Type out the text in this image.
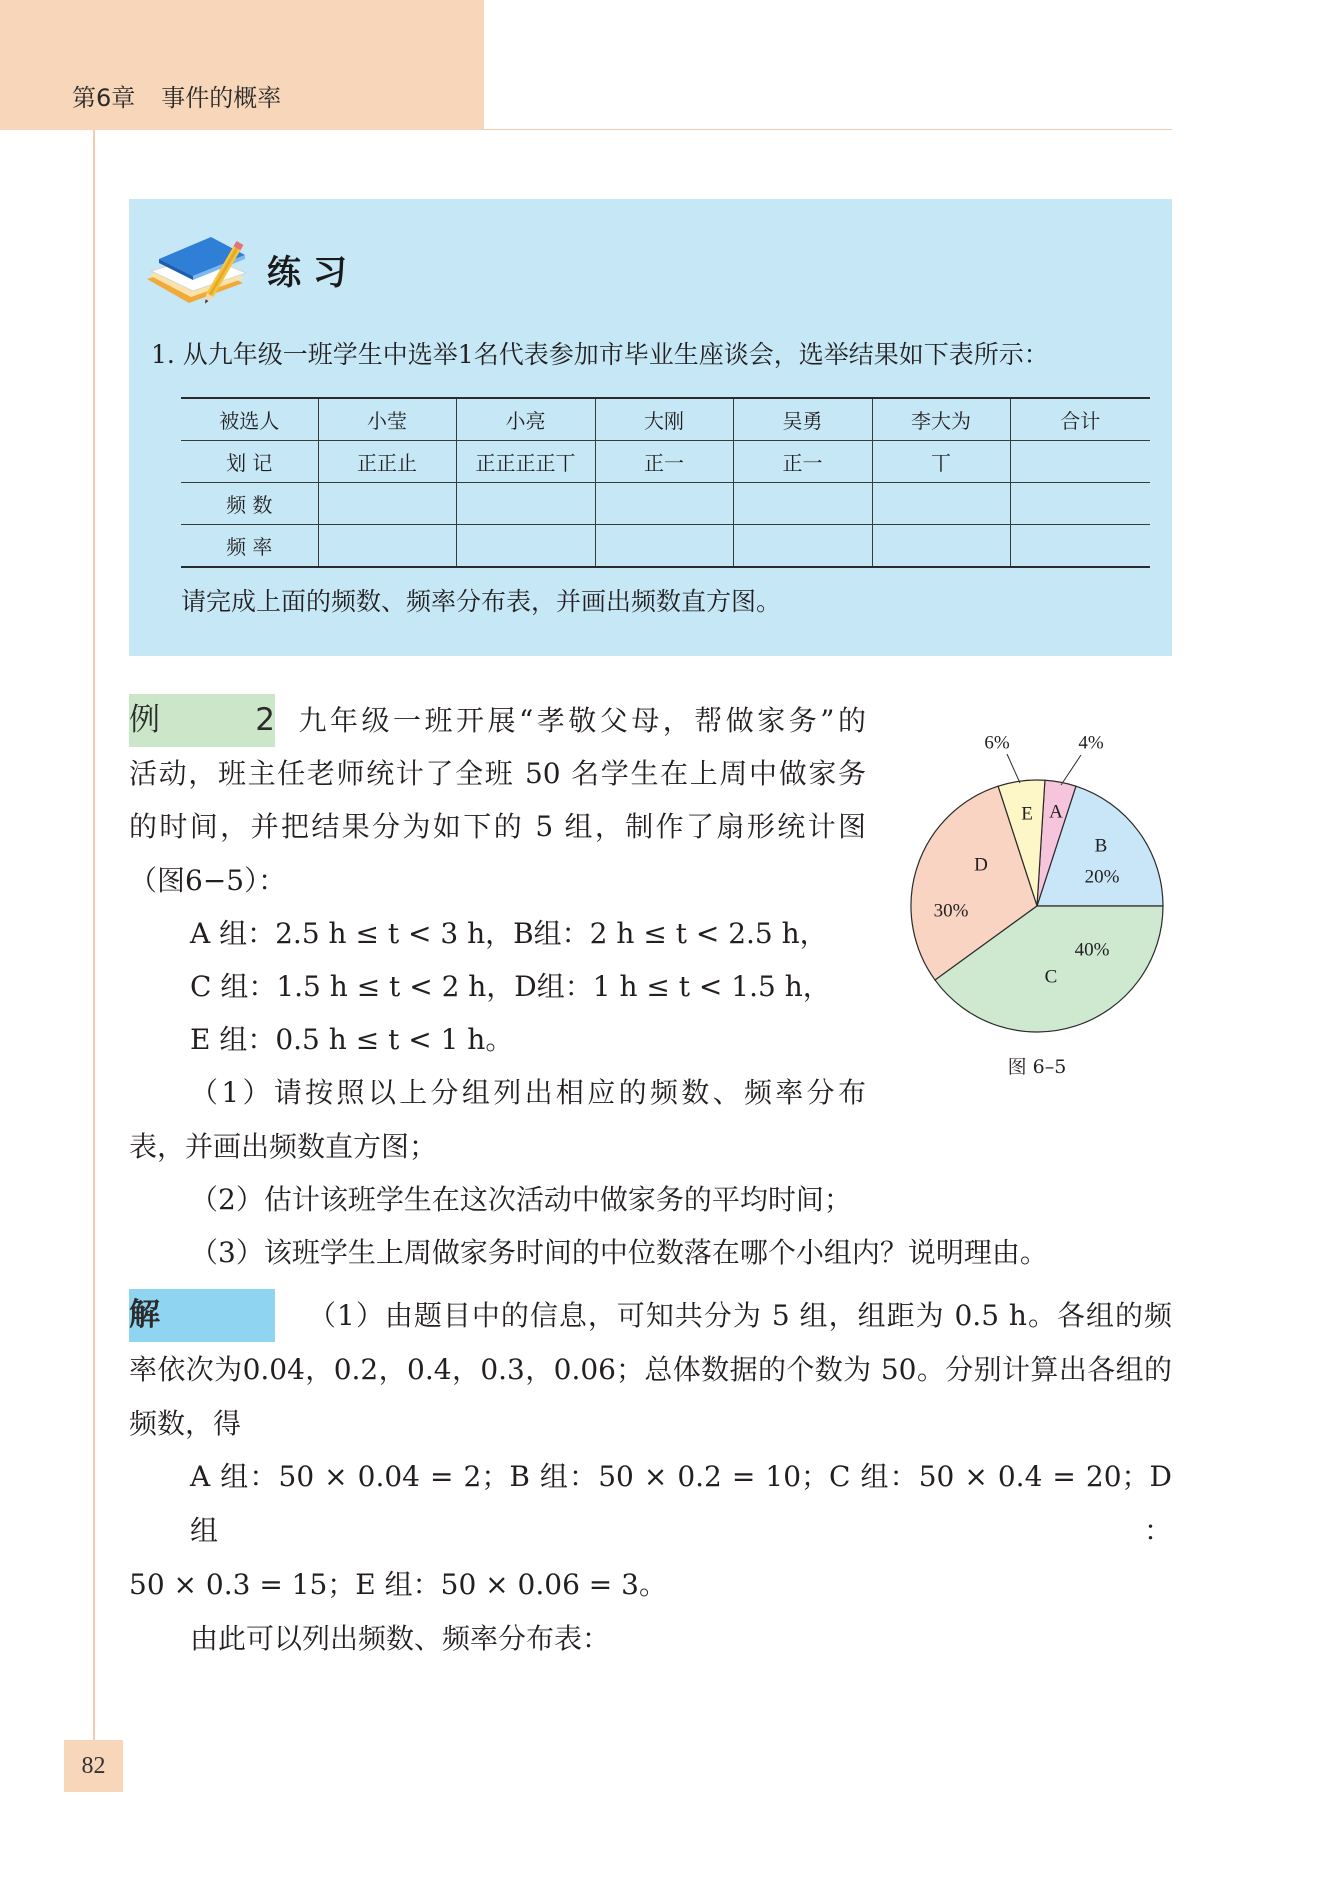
第6章 事件的概率
练 习
1. 从九年级一班学生中选举1名代表参加市毕业生座谈会，选举结果如下表所示：
被选人	小莹	小亮	大刚	吴勇	李大为	合计
划 记	正正止	正正正正丅	正一	正一	丅	
频 数						
频 率						
请完成上面的频数、频率分布表，并画出频数直方图。
例2 九年级一班开展“孝敬父母，帮做家务”的
活动，班主任老师统计了全班 50 名学生在上周中做家务
的时间，并把结果分为如下的 5 组，制作了扇形统计图
（图6−5）：
A 组：2.5 h ≤ t < 3 h，B组：2 h ≤ t < 2.5 h，
C 组：1.5 h ≤ t < 2 h，D组：1 h ≤ t < 1.5 h，
E 组：0.5 h ≤ t < 1 h。
（1）请按照以上分组列出相应的频数、频率分布
表，并画出频数直方图；
（2）估计该班学生在这次活动中做家务的平均时间；
（3）该班学生上周做家务时间的中位数落在哪个小组内？说明理由。
B
20%
A
4%
E
6%
D
30%
C
40%
图 6–5
解	（1）由题目中的信息，可知共分为 5 组，组距为 0.5 h。各组的频
率依次为0.04，0.2，0.4，0.3，0.06；总体数据的个数为 50。分别计算出各组的
频数，得
A 组：50 × 0.04 = 2；B 组：50 × 0.2 = 10；C 组：50 × 0.4 = 20；D 组：
50 × 0.3 = 15；E 组：50 × 0.06 = 3。
由此可以列出频数、频率分布表：
82
